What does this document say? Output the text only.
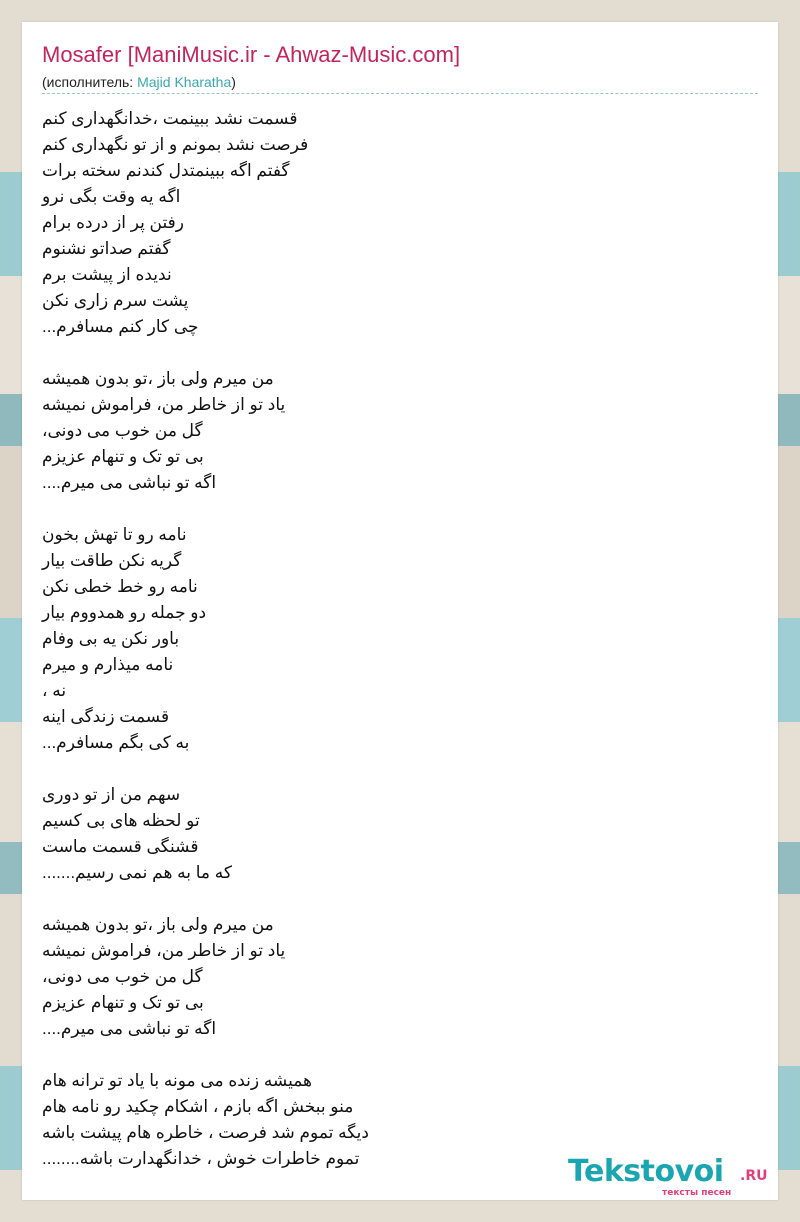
Mosafer [ManiMusic.ir - Ahwaz-Music.com]
(исполнитель: Majid Kharatha)
قسمت نشد ببینمت ،خدانگهداری کنم
فرصت نشد بمونم و از تو نگهداری کنم
گفتم اگه ببینمتدل کندنم سخته برات
اگه یه وقت بگی نرو
رفتن پر از درده برام
گفتم صداتو نشنوم
ندیده از پیشت برم
پشت سرم زاری نکن
چی کار کنم مسافرم...
من میرم ولی باز ،تو بدون همیشه
یاد تو از خاطر من، فراموش نمیشه
گل من خوب می دونی،
بی تو تک و تنهام عزیزم
اگه تو نباشی می میرم....
نامه رو تا تهش بخون
گریه نکن طاقت بیار
نامه رو خط خطی نکن
دو جمله رو همدووم بیار
باور نکن یه بی وفام
نامه میذارم و میرم
نه ،
قسمت زندگی اینه
به کی بگم مسافرم...
سهم من از تو دوری
تو لحظه های بی کسیم
قشنگی قسمت ماست
که ما به هم نمی رسیم.......
من میرم ولی باز ،تو بدون همیشه
یاد تو از خاطر من، فراموش نمیشه
گل من خوب می دونی،
بی تو تک و تنهام عزیزم
اگه تو نباشی می میرم....
همیشه زنده می مونه با یاد تو ترانه هام
منو ببخش اگه بازم ، اشکام چکید رو نامه هام
دیگه تموم شد فرصت ، خاطره هام پیشت باشه
تموم خاطرات خوش ، خدانگهدارت باشه........	Tekstovoi .RU
тексты песен
